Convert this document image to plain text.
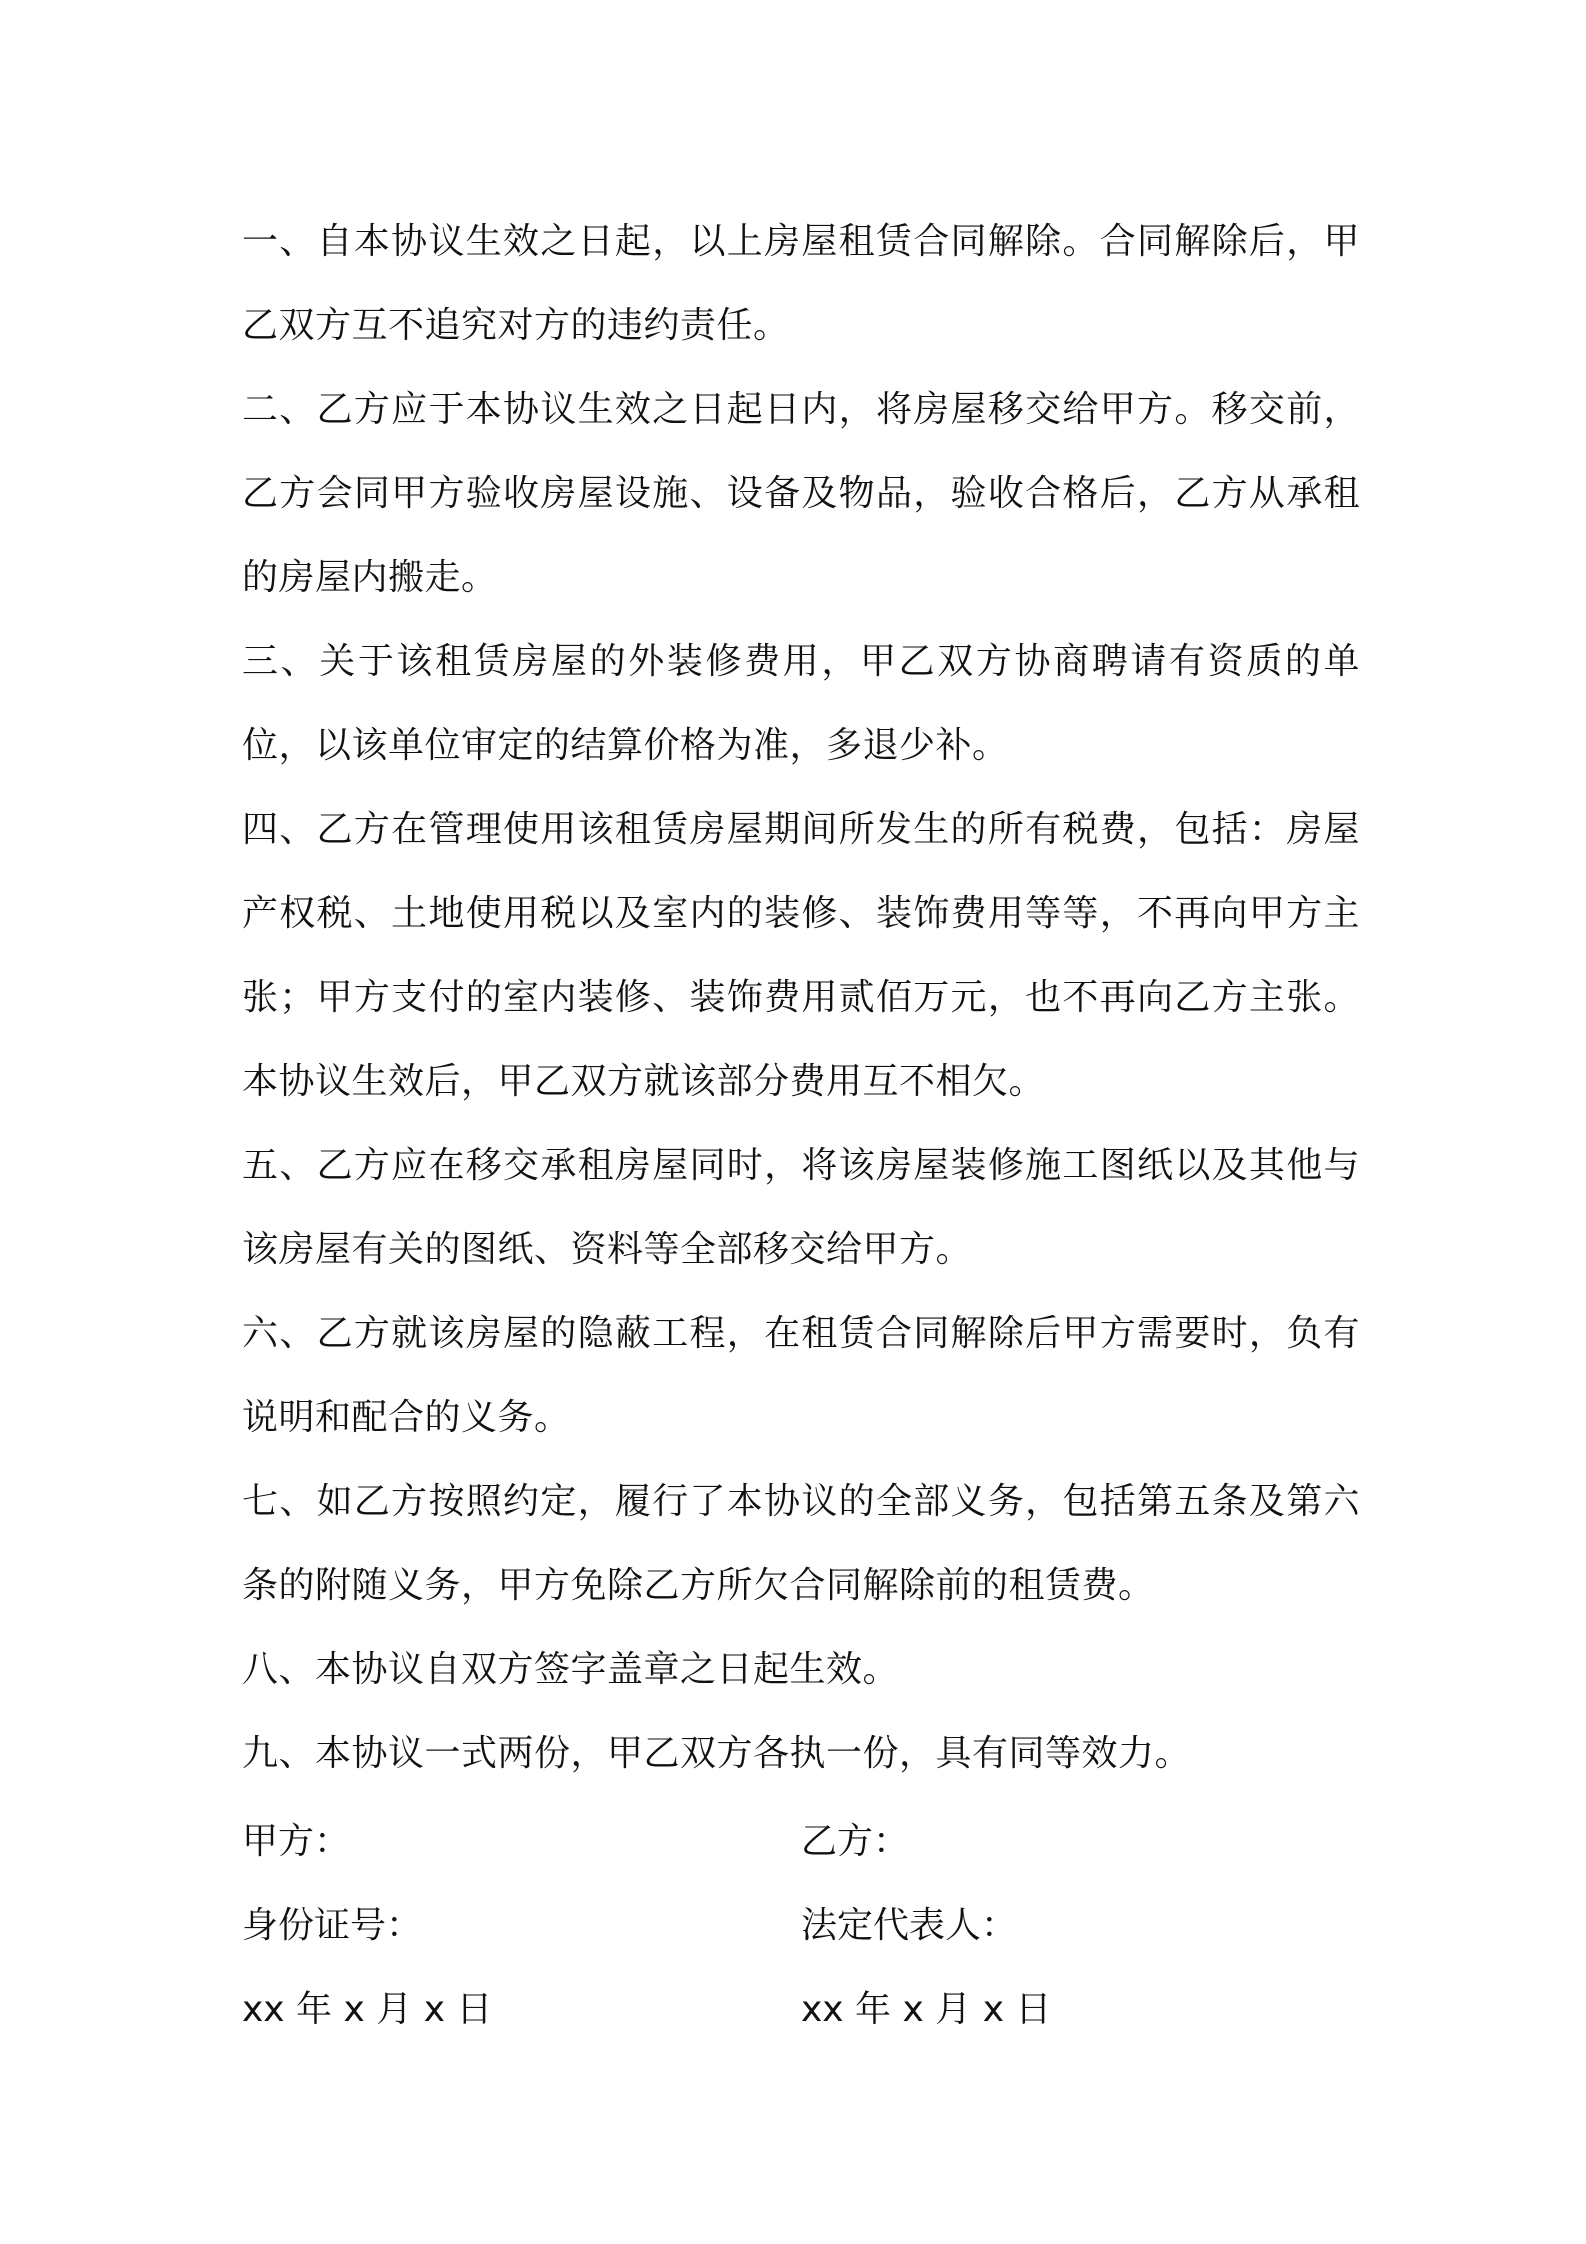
一、自本协议生效之日起，以上房屋租赁合同解除。合同解除后，甲乙双方互不追究对方的违约责任。

二、乙方应于本协议生效之日起日内，将房屋移交给甲方。移交前，乙方会同甲方验收房屋设施、设备及物品，验收合格后，乙方从承租的房屋内搬走。

三、关于该租赁房屋的外装修费用，甲乙双方协商聘请有资质的单位，以该单位审定的结算价格为准，多退少补。

四、乙方在管理使用该租赁房屋期间所发生的所有税费，包括：房屋产权税、土地使用税以及室内的装修、装饰费用等等，不再向甲方主张；甲方支付的室内装修、装饰费用贰佰万元，也不再向乙方主张。本协议生效后，甲乙双方就该部分费用互不相欠。

五、乙方应在移交承租房屋同时，将该房屋装修施工图纸以及其他与该房屋有关的图纸、资料等全部移交给甲方。

六、乙方就该房屋的隐蔽工程，在租赁合同解除后甲方需要时，负有说明和配合的义务。

七、如乙方按照约定，履行了本协议的全部义务，包括第五条及第六条的附随义务，甲方免除乙方所欠合同解除前的租赁费。

八、本协议自双方签字盖章之日起生效。

九、本协议一式两份，甲乙双方各执一份，具有同等效力。

甲方：	乙方：
身份证号：	法定代表人：
xx 年 x 月 x 日	xx 年 x 月 x 日
